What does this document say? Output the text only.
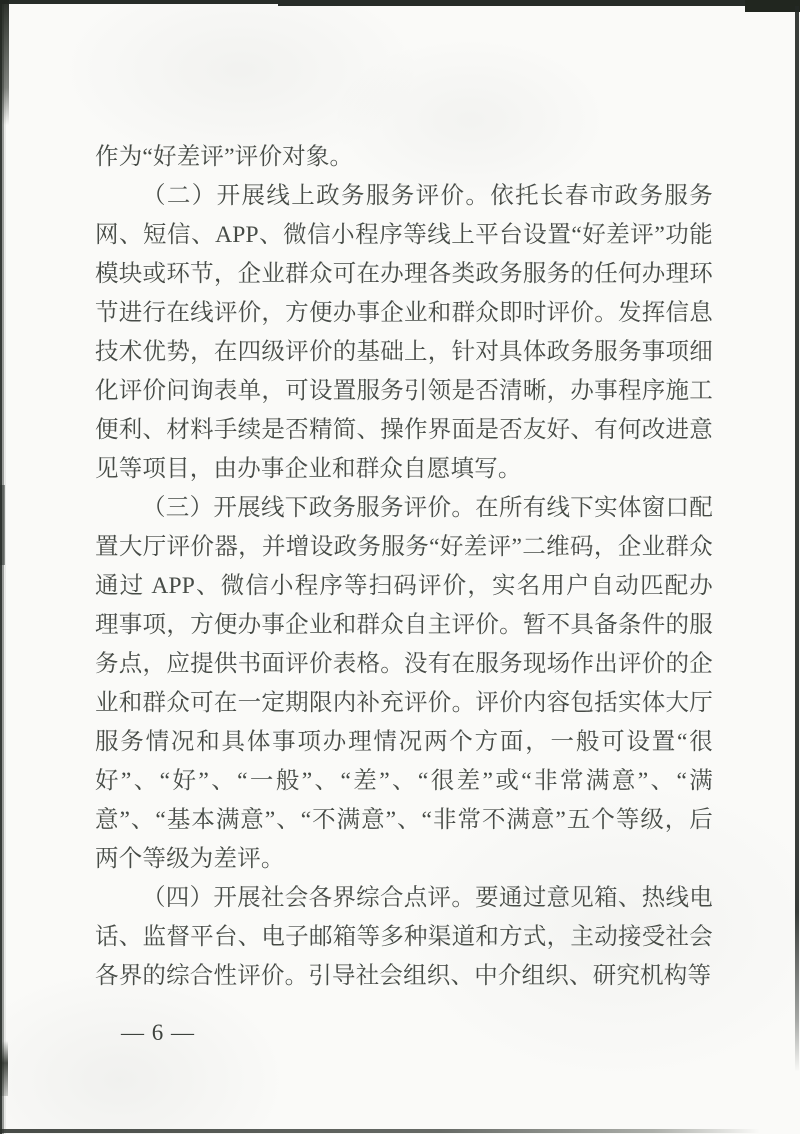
作为“好差评”评价对象。

（二）开展线上政务服务评价。依托长春市政务服务网、短信、APP、微信小程序等线上平台设置“好差评”功能模块或环节，企业群众可在办理各类政务服务的任何办理环节进行在线评价，方便办事企业和群众即时评价。发挥信息技术优势，在四级评价的基础上，针对具体政务服务事项细化评价问询表单，可设置服务引领是否清晰，办事程序施工便利、材料手续是否精简、操作界面是否友好、有何改进意见等项目，由办事企业和群众自愿填写。

（三）开展线下政务服务评价。在所有线下实体窗口配置大厅评价器，并增设政务服务“好差评”二维码，企业群众通过 APP、微信小程序等扫码评价，实名用户自动匹配办理事项，方便办事企业和群众自主评价。暂不具备条件的服务点，应提供书面评价表格。没有在服务现场作出评价的企业和群众可在一定期限内补充评价。评价内容包括实体大厅服务情况和具体事项办理情况两个方面，一般可设置“很好”、“好”、“一般”、“差”、“很差”或“非常满意”、“满意”、“基本满意”、“不满意”、“非常不满意”五个等级，后两个等级为差评。

（四）开展社会各界综合点评。要通过意见箱、热线电话、监督平台、电子邮箱等多种渠道和方式，主动接受社会各界的综合性评价。引导社会组织、中介组织、研究机构等

— 6 —
